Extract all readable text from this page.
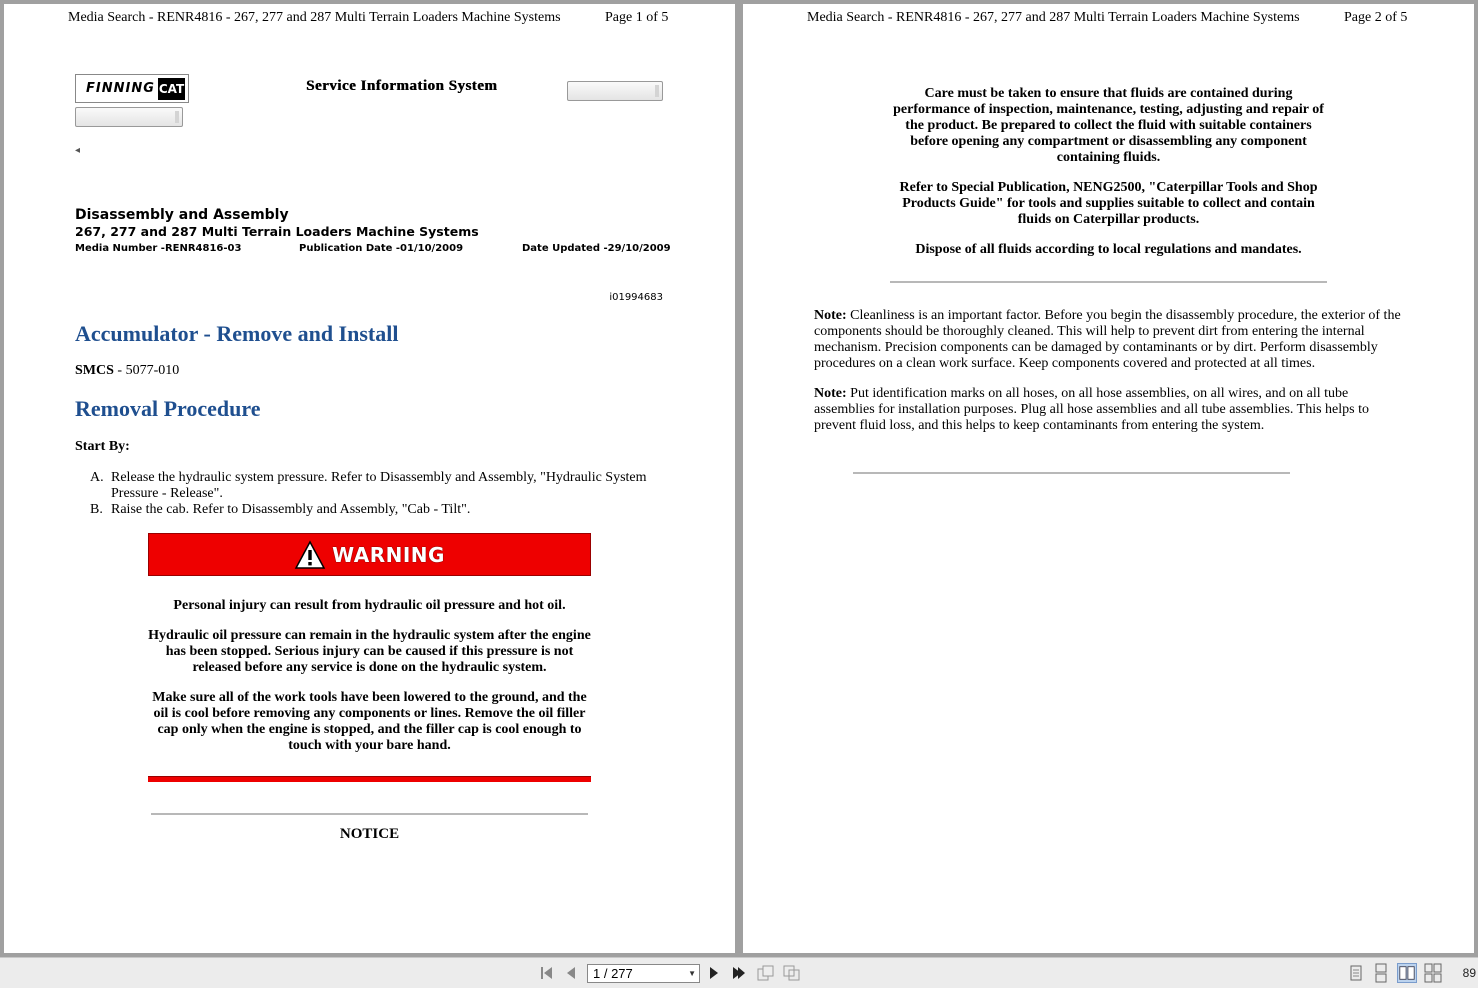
Media Search - RENR4816 - 267, 277 and 287 Multi Terrain Loaders Machine Systems	Page 1 of 5
FINNING CAT	Service Information System
◂
Disassembly and Assembly
267, 277 and 287 Multi Terrain Loaders Machine Systems
Media Number -RENR4816-03	Publication Date -01/10/2009	Date Updated -29/10/2009
i01994683
Accumulator - Remove and Install
SMCS - 5077-010
Removal Procedure
Start By:
A. Release the hydraulic system pressure. Refer to Disassembly and Assembly, "Hydraulic System Pressure - Release".
B. Raise the cab. Refer to Disassembly and Assembly, "Cab - Tilt".
WARNING
Personal injury can result from hydraulic oil pressure and hot oil.
Hydraulic oil pressure can remain in the hydraulic system after the engine has been stopped. Serious injury can be caused if this pressure is not released before any service is done on the hydraulic system.
Make sure all of the work tools have been lowered to the ground, and the oil is cool before removing any components or lines. Remove the oil filler cap only when the engine is stopped, and the filler cap is cool enough to touch with your bare hand.
NOTICE
Media Search - RENR4816 - 267, 277 and 287 Multi Terrain Loaders Machine Systems	Page 2 of 5
Care must be taken to ensure that fluids are contained during performance of inspection, maintenance, testing, adjusting and repair of the product. Be prepared to collect the fluid with suitable containers before opening any compartment or disassembling any component containing fluids.
Refer to Special Publication, NENG2500, "Caterpillar Tools and Shop Products Guide" for tools and supplies suitable to collect and contain fluids on Caterpillar products.
Dispose of all fluids according to local regulations and mandates.
Note: Cleanliness is an important factor. Before you begin the disassembly procedure, the exterior of the components should be thoroughly cleaned. This will help to prevent dirt from entering the internal mechanism. Precision components can be damaged by contaminants or by dirt. Perform disassembly procedures on a clean work surface. Keep components covered and protected at all times.
Note: Put identification marks on all hoses, on all hose assemblies, on all wires, and on all tube assemblies for installation purposes. Plug all hose assemblies and all tube assemblies. This helps to prevent fluid loss, and this helps to keep contaminants from entering the system.
1 / 277	▼	89
